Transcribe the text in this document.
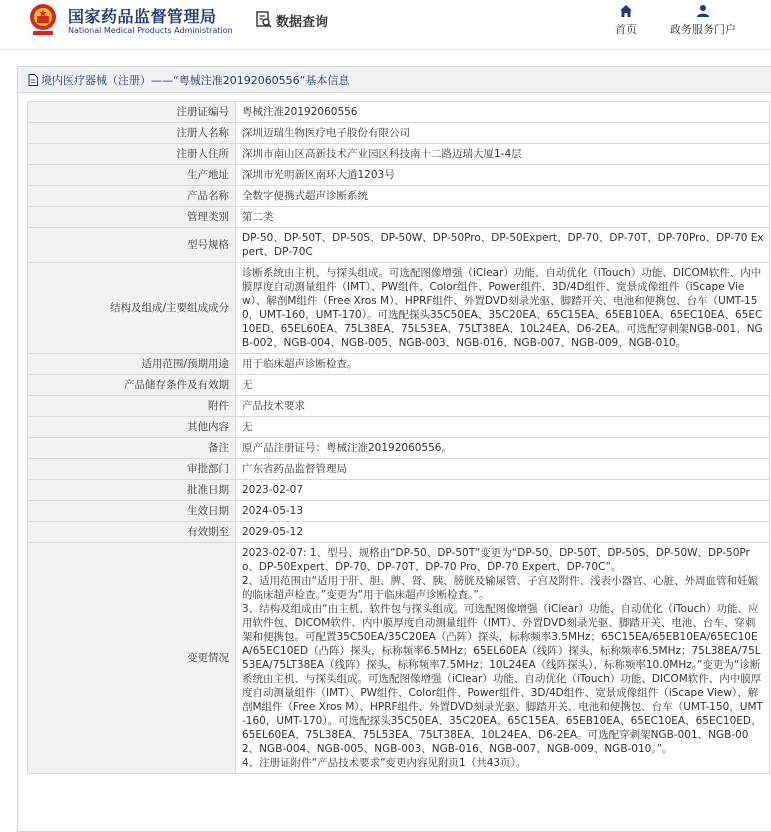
国家药品监督管理局
National Medical Products Administration
数据查询	首页	政务服务门户
境内医疗器械（注册）——“粤械注准20192060556”基本信息
注册证编号	粤械注准20192060556
注册人名称	深圳迈瑞生物医疗电子股份有限公司
注册人住所	深圳市南山区高新技术产业园区科技南十二路迈瑞大厦1-4层
生产地址	深圳市光明新区南环大道1203号
产品名称	全数字便携式超声诊断系统
管理类别	第二类
型号规格	DP-50、DP-50T、DP-50S、DP-50W、DP-50Pro、DP-50Expert、DP-70、DP-70T、DP-70Pro、DP-70 Expert、DP-70C
结构及组成/主要组成成分	诊断系统由主机、与探头组成。可选配图像增强（iClear）功能、自动优化（iTouch）功能、DICOM软件、内中膜厚度自动测量组件（IMT）、PW组件、Color组件、Power组件、3D/4D组件、宽景成像组件（iScape View）、解剖M组件（Free Xros M）、HPRF组件、外置DVD刻录光驱、脚踏开关、电池和便携包、台车（UMT-150，UMT-160，UMT-170）。可选配探头35C50EA、35C20EA、65C15EA、65EB10EA、65EC10EA、65EC10ED、65EL60EA、75L38EA、75L53EA、75LT38EA、10L24EA、D6-2EA。可选配穿刺架NGB-001、NGB-002、NGB-004、NGB-005、NGB-003、NGB-016、NGB-007、NGB-009、NGB-010。
适用范围/预期用途	用于临床超声诊断检查。
产品储存条件及有效期	无
附件	产品技术要求
其他内容	无
备注	原产品注册证号：粤械注准20192060556。
审批部门	广东省药品监督管理局
批准日期	2023-02-07
生效日期	2024-05-13
有效期至	2029-05-12
变更情况	2023-02-07: 1、型号、规格由“DP-50、DP-50T”变更为“DP-50、DP-50T、DP-50S、DP-50W、DP-50Pro、DP-50Expert、DP-70、DP-70T、DP-70 Pro、DP-70 Expert、DP-70C”。
2、适用范围由“适用于肝、胆、脾、肾、胰、膀胱及输尿管、子宫及附件、浅表小器官、心脏、外周血管和妊娠的临床超声检查。”变更为“用于临床超声诊断检查。”。
3、结构及组成由“由主机、软件包与探头组成。可选配图像增强（iClear）功能、自动优化（iTouch）功能、应用软件包、DICOM软件、内中膜厚度自动测量组件（IMT）、外置DVD刻录光驱、脚踏开关、电池、台车、穿刺架和便携包。可配置35C50EA/35C20EA（凸阵）探头，标称频率3.5MHz；65C15EA/65EB10EA/65EC10EA/65EC10ED（凸阵）探头，标称频率6.5MHz；65EL60EA（线阵）探头，标称频率6.5MHz；75L38EA/75L53EA/75LT38EA（线阵）探头，标称频率7.5MHz；10L24EA（线阵探头），标称频率10.0MHz。”变更为“诊断系统由主机、与探头组成。可选配图像增强（iClear）功能、自动优化（iTouch）功能、DICOM软件、内中膜厚度自动测量组件（IMT）、PW组件、Color组件、Power组件、3D/4D组件、宽景成像组件（iScape View）、解剖M组件（Free Xros M）、HPRF组件、外置DVD刻录光驱、脚踏开关、电池和便携包、台车（UMT-150，UMT-160，UMT-170）。可选配探头35C50EA、35C20EA、65C15EA、65EB10EA、65EC10EA、65EC10ED、65EL60EA、75L38EA、75L53EA、75LT38EA、10L24EA、D6-2EA。可选配穿刺架NGB-001、NGB-002、NGB-004、NGB-005、NGB-003、NGB-016、NGB-007、NGB-009、NGB-010。”。
4、注册证附件“产品技术要求”变更内容见附页1（共43页）。
